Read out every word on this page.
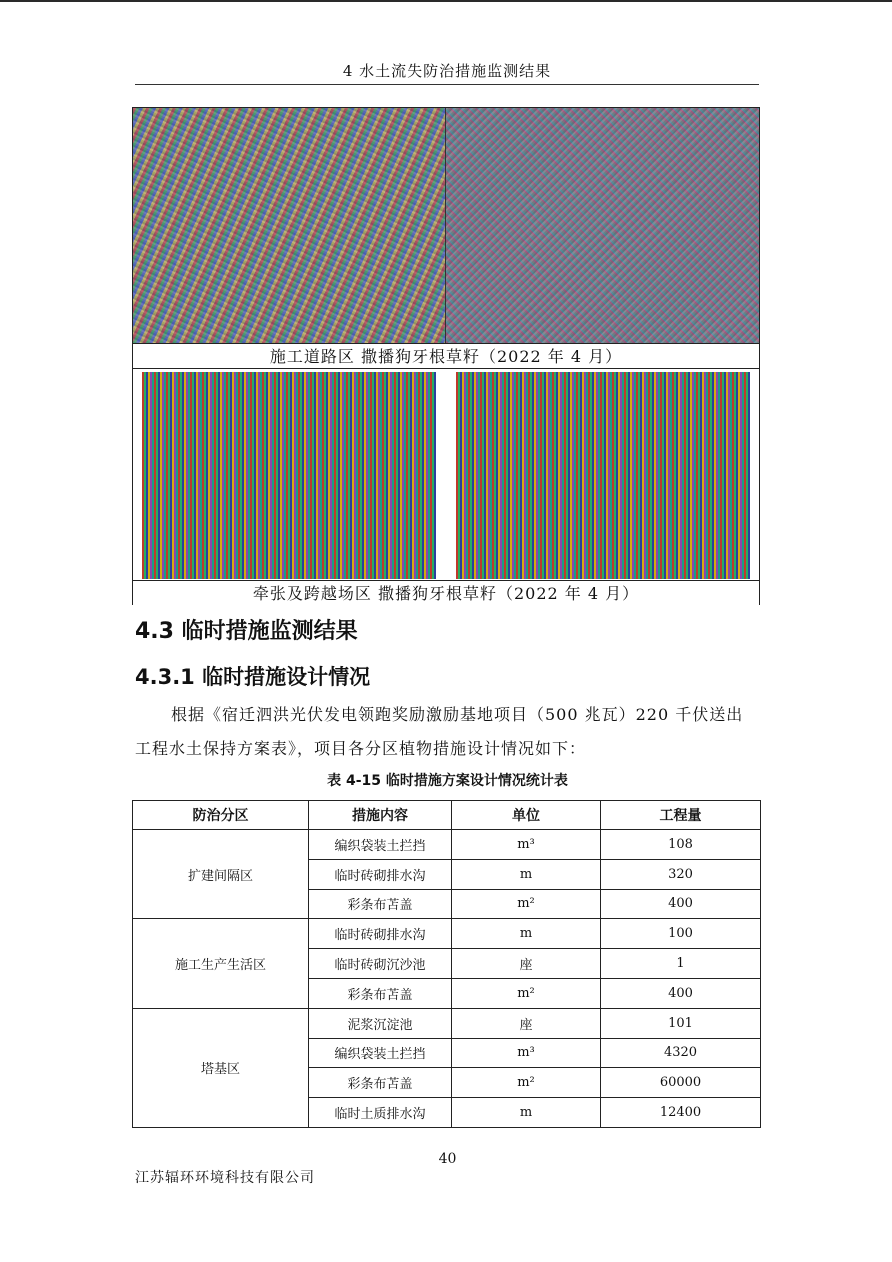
4 水土流失防治措施监测结果
施工道路区 撒播狗牙根草籽（2022 年 4 月）
牵张及跨越场区 撒播狗牙根草籽（2022 年 4 月）
4.3 临时措施监测结果
4.3.1 临时措施设计情况
根据《宿迁泗洪光伏发电领跑奖励激励基地项目（500 兆瓦）220 千伏送出工程水土保持方案表》，项目各分区植物措施设计情况如下：
表 4-15 临时措施方案设计情况统计表
防治分区	措施内容	单位	工程量
扩建间隔区	编织袋装土拦挡	m³	108
	临时砖砌排水沟	m	320
	彩条布苫盖	m²	400
施工生产生活区	临时砖砌排水沟	m	100
	临时砖砌沉沙池	座	1
	彩条布苫盖	m²	400
塔基区	泥浆沉淀池	座	101
	编织袋装土拦挡	m³	4320
	彩条布苫盖	m²	60000
	临时土质排水沟	m	12400
40
江苏辐环环境科技有限公司
